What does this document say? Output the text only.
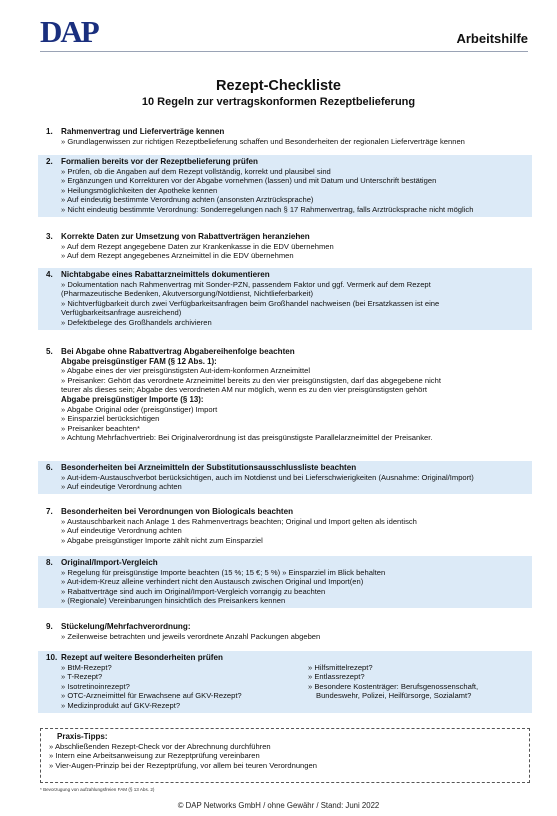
DAP	Arbeitshilfe
Rezept-Checkliste
10 Regeln zur vertragskonformen Rezeptbelieferung
1. Rahmenvertrag und Lieferverträge kennen
» Grundlagenwissen zur richtigen Rezeptbelieferung schaffen und Besonderheiten der regionalen Lieferverträge kennen
2. Formalien bereits vor der Rezeptbelieferung prüfen
» Prüfen, ob die Angaben auf dem Rezept vollständig, korrekt und plausibel sind
» Ergänzungen und Korrekturen vor der Abgabe vornehmen (lassen) und mit Datum und Unterschrift bestätigen
» Heilungsmöglichkeiten der Apotheke kennen
» Auf eindeutig bestimmte Verordnung achten (ansonsten Arztrücksprache)
» Nicht eindeutig bestimmte Verordnung: Sonderregelungen nach § 17 Rahmenvertrag, falls Arztrücksprache nicht möglich
3. Korrekte Daten zur Umsetzung von Rabattverträgen heranziehen
» Auf dem Rezept angegebene Daten zur Krankenkasse in die EDV übernehmen
» Auf dem Rezept angegebenes Arzneimittel in die EDV übernehmen
4. Nichtabgabe eines Rabattarzneimittels dokumentieren
» Dokumentation nach Rahmenvertrag mit Sonder-PZN, passendem Faktor und ggf. Vermerk auf dem Rezept
(Pharmazeutische Bedenken, Akutversorgung/Notdienst, Nichtlieferbarkeit)
» Nichtverfügbarkeit durch zwei Verfügbarkeitsanfragen beim Großhandel nachweisen (bei Ersatzkassen ist eine
Verfügbarkeitsanfrage ausreichend)
» Defektbelege des Großhandels archivieren
5. Bei Abgabe ohne Rabattvertrag Abgabereihenfolge beachten
Abgabe preisgünstiger FAM (§ 12 Abs. 1):
» Abgabe eines der vier preisgünstigsten Aut-idem-konformen Arzneimittel
» Preisanker: Gehört das verordnete Arzneimittel bereits zu den vier preisgünstigsten, darf das abgegebene nicht
teurer als dieses sein; Abgabe des verordneten AM nur möglich, wenn es zu den vier preisgünstigsten gehört
Abgabe preisgünstiger Importe (§ 13):
» Abgabe Original oder (preisgünstiger) Import
» Einsparziel berücksichtigen
» Preisanker beachten*
» Achtung Mehrfachvertrieb: Bei Originalverordnung ist das preisgünstigste Parallelarzneimittel der Preisanker.
6. Besonderheiten bei Arzneimitteln der Substitutionsausschlussliste beachten
» Aut-idem-Austauschverbot berücksichtigen, auch im Notdienst und bei Lieferschwierigkeiten (Ausnahme: Original/Import)
» Auf eindeutige Verordnung achten
7. Besonderheiten bei Verordnungen von Biologicals beachten
» Austauschbarkeit nach Anlage 1 des Rahmenvertrags beachten; Original und Import gelten als identisch
» Auf eindeutige Verordnung achten
» Abgabe preisgünstiger Importe zählt nicht zum Einsparziel
8. Original/Import-Vergleich
» Regelung für preisgünstige Importe beachten (15 %; 15 €; 5 %) » Einsparziel im Blick behalten
» Aut-idem-Kreuz alleine verhindert nicht den Austausch zwischen Original und Import(en)
» Rabattverträge sind auch im Original/Import-Vergleich vorrangig zu beachten
» (Regionale) Vereinbarungen hinsichtlich des Preisankers kennen
9. Stückelung/Mehrfachverordnung:
» Zeilenweise betrachten und jeweils verordnete Anzahl Packungen abgeben
10. Rezept auf weitere Besonderheiten prüfen
» BtM-Rezept?
» T-Rezept?
» Isotretinoinrezept?
» OTC-Arzneimittel für Erwachsene auf GKV-Rezept?
» Medizinprodukt auf GKV-Rezept?
» Hilfsmittelrezept?
» Entlassrezept?
» Besondere Kostenträger: Berufsgenossenschaft,
Bundeswehr, Polizei, Heilfürsorge, Sozialamt?
Praxis-Tipps:
» Abschließenden Rezept-Check vor der Abrechnung durchführen
» Intern eine Arbeitsanweisung zur Rezeptprüfung vereinbaren
» Vier-Augen-Prinzip bei der Rezeptprüfung, vor allem bei teuren Verordnungen
* Bevorzugung von aufzahlungsfreien FAM (§ 13 Abs. 2)
© DAP Networks GmbH / ohne Gewähr / Stand: Juni 2022
